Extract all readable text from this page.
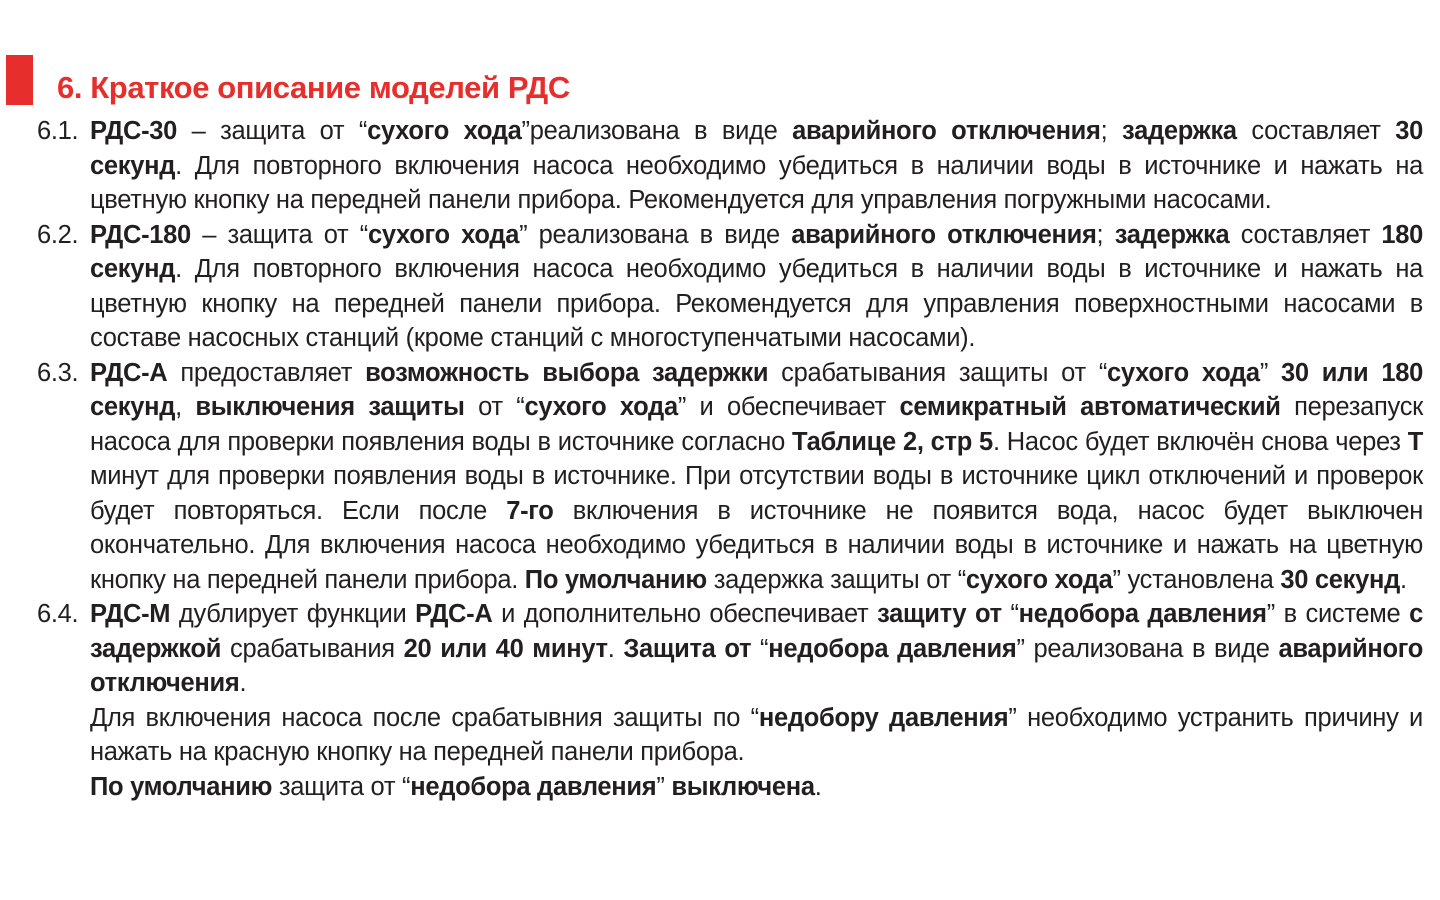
6. Краткое описание моделей РДС
6.1. РДС-30 – защита от “сухого хода”реализована в виде аварийного отключения; задержка составляет 30 секунд. Для повторного включения насоса необходимо убедиться в наличии воды в источнике и нажать на цветную кнопку на передней панели прибора. Рекомендуется для управления погружными насосами.

6.2. РДС-180 – защита от “сухого хода” реализована в виде аварийного отключения; задержка составляет 180 секунд. Для повторного включения насоса необходимо убедиться в наличии воды в источнике и нажать на цветную кнопку на передней панели прибора. Рекомендуется для управления поверхностными насосами в составе насосных станций (кроме станций с многоступенчатыми насосами).

6.3. РДС-А предоставляет возможность выбора задержки срабатывания защиты от “сухого хода” 30 или 180 секунд, выключения защиты от “сухого хода” и обеспечивает семикратный автоматический перезапуск насоса для проверки появления воды в источнике согласно Таблице 2, стр 5. Насос будет включён снова через Т минут для проверки появления воды в источнике. При отсутствии воды в источнике цикл отключений и проверок будет повторяться. Если после 7-го включения в источнике не появится вода, насос будет выключен окончательно. Для включения насоса необходимо убедиться в наличии воды в источнике и нажать на цветную кнопку на передней панели прибора. По умолчанию задержка защиты от “сухого хода” установлена 30 секунд.

6.4. РДС-М дублирует функции РДС-А и дополнительно обеспечивает защиту от “недобора давления” в системе с задержкой срабатывания 20 или 40 минут. Защита от “недобора давления” реализована в виде аварийного отключения.

Для включения насоса после срабатывния защиты по “недобору давления” необходимо устранить причину и нажать на красную кнопку на передней панели прибора.

По умолчанию защита от “недобора давления” выключена.
